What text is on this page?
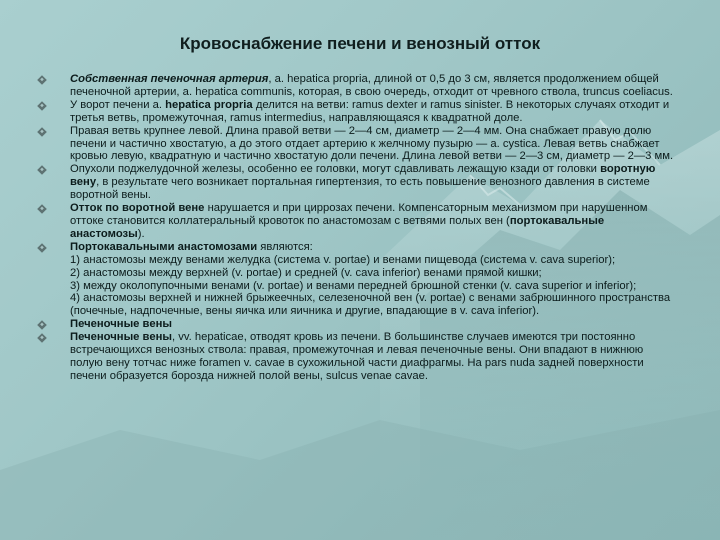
Кровоснабжение печени и венозный отток
Собственная печеночная артерия, a. hepatica propria, длиной от 0,5 до 3 см, является продолжением общей печеночной артерии, a. hepatica communis, которая, в свою очередь, отходит от чревного ствола, truncus coeliacus.
У ворот печени a. hepatica propria делится на ветви: ramus dexter и ramus sinister. В некоторых случаях отходит и третья ветвь, промежуточная, ramus intermedius, направляющаяся к квадратной доле.
Правая ветвь крупнее левой. Длина правой ветви — 2—4 см, диаметр — 2—4 мм. Она снабжает правую долю печени и частично хвостатую, а до этого отдает артерию к желчному пузырю — a. cystica. Левая ветвь снабжает кровью левую, квадратную и частично хвостатую доли печени. Длина левой ветви — 2—3 см, диаметр — 2—3 мм.
Опухоли поджелудочной железы, особенно ее головки, могут сдавливать лежащую кзади от головки воротную вену, в результате чего возникает портальная гипертензия, то есть повышение венозного давления в системе воротной вены.
Отток по воротной вене нарушается и при циррозах печени. Компенсаторным механизмом при нарушенном оттоке становится коллатеральный кровоток по анастомозам с ветвями полых вен (портокавальные анастомозы).
Портокавальными анастомозами являются:
1) анастомозы между венами желудка (система v. portae) и венами пищевода (система v. cava superior);
2) анастомозы между верхней (v. portae) и средней (v. cava inferior) венами прямой кишки;
3) между околопупочными венами (v. portae) и венами передней брюшной стенки (v. cava superior и inferior);
4) анастомозы верхней и нижней брыжеечных, селезеночной вен (v. portae) с венами забрюшинного пространства (почечные, надпочечные, вены яичка или яичника и другие, впадающие в v. cava inferior).
Печеночные вены
Печеночные вены, vv. hepaticae, отводят кровь из печени. В большинстве случаев имеются три постоянно встречающихся венозных ствола: правая, промежуточная и левая печеночные вены. Они впадают в нижнюю полую вену тотчас ниже foramen v. cavae в сухожильной части диафрагмы. На pars nuda задней поверхности печени образуется борозда нижней полой вены, sulcus venae cavae.
